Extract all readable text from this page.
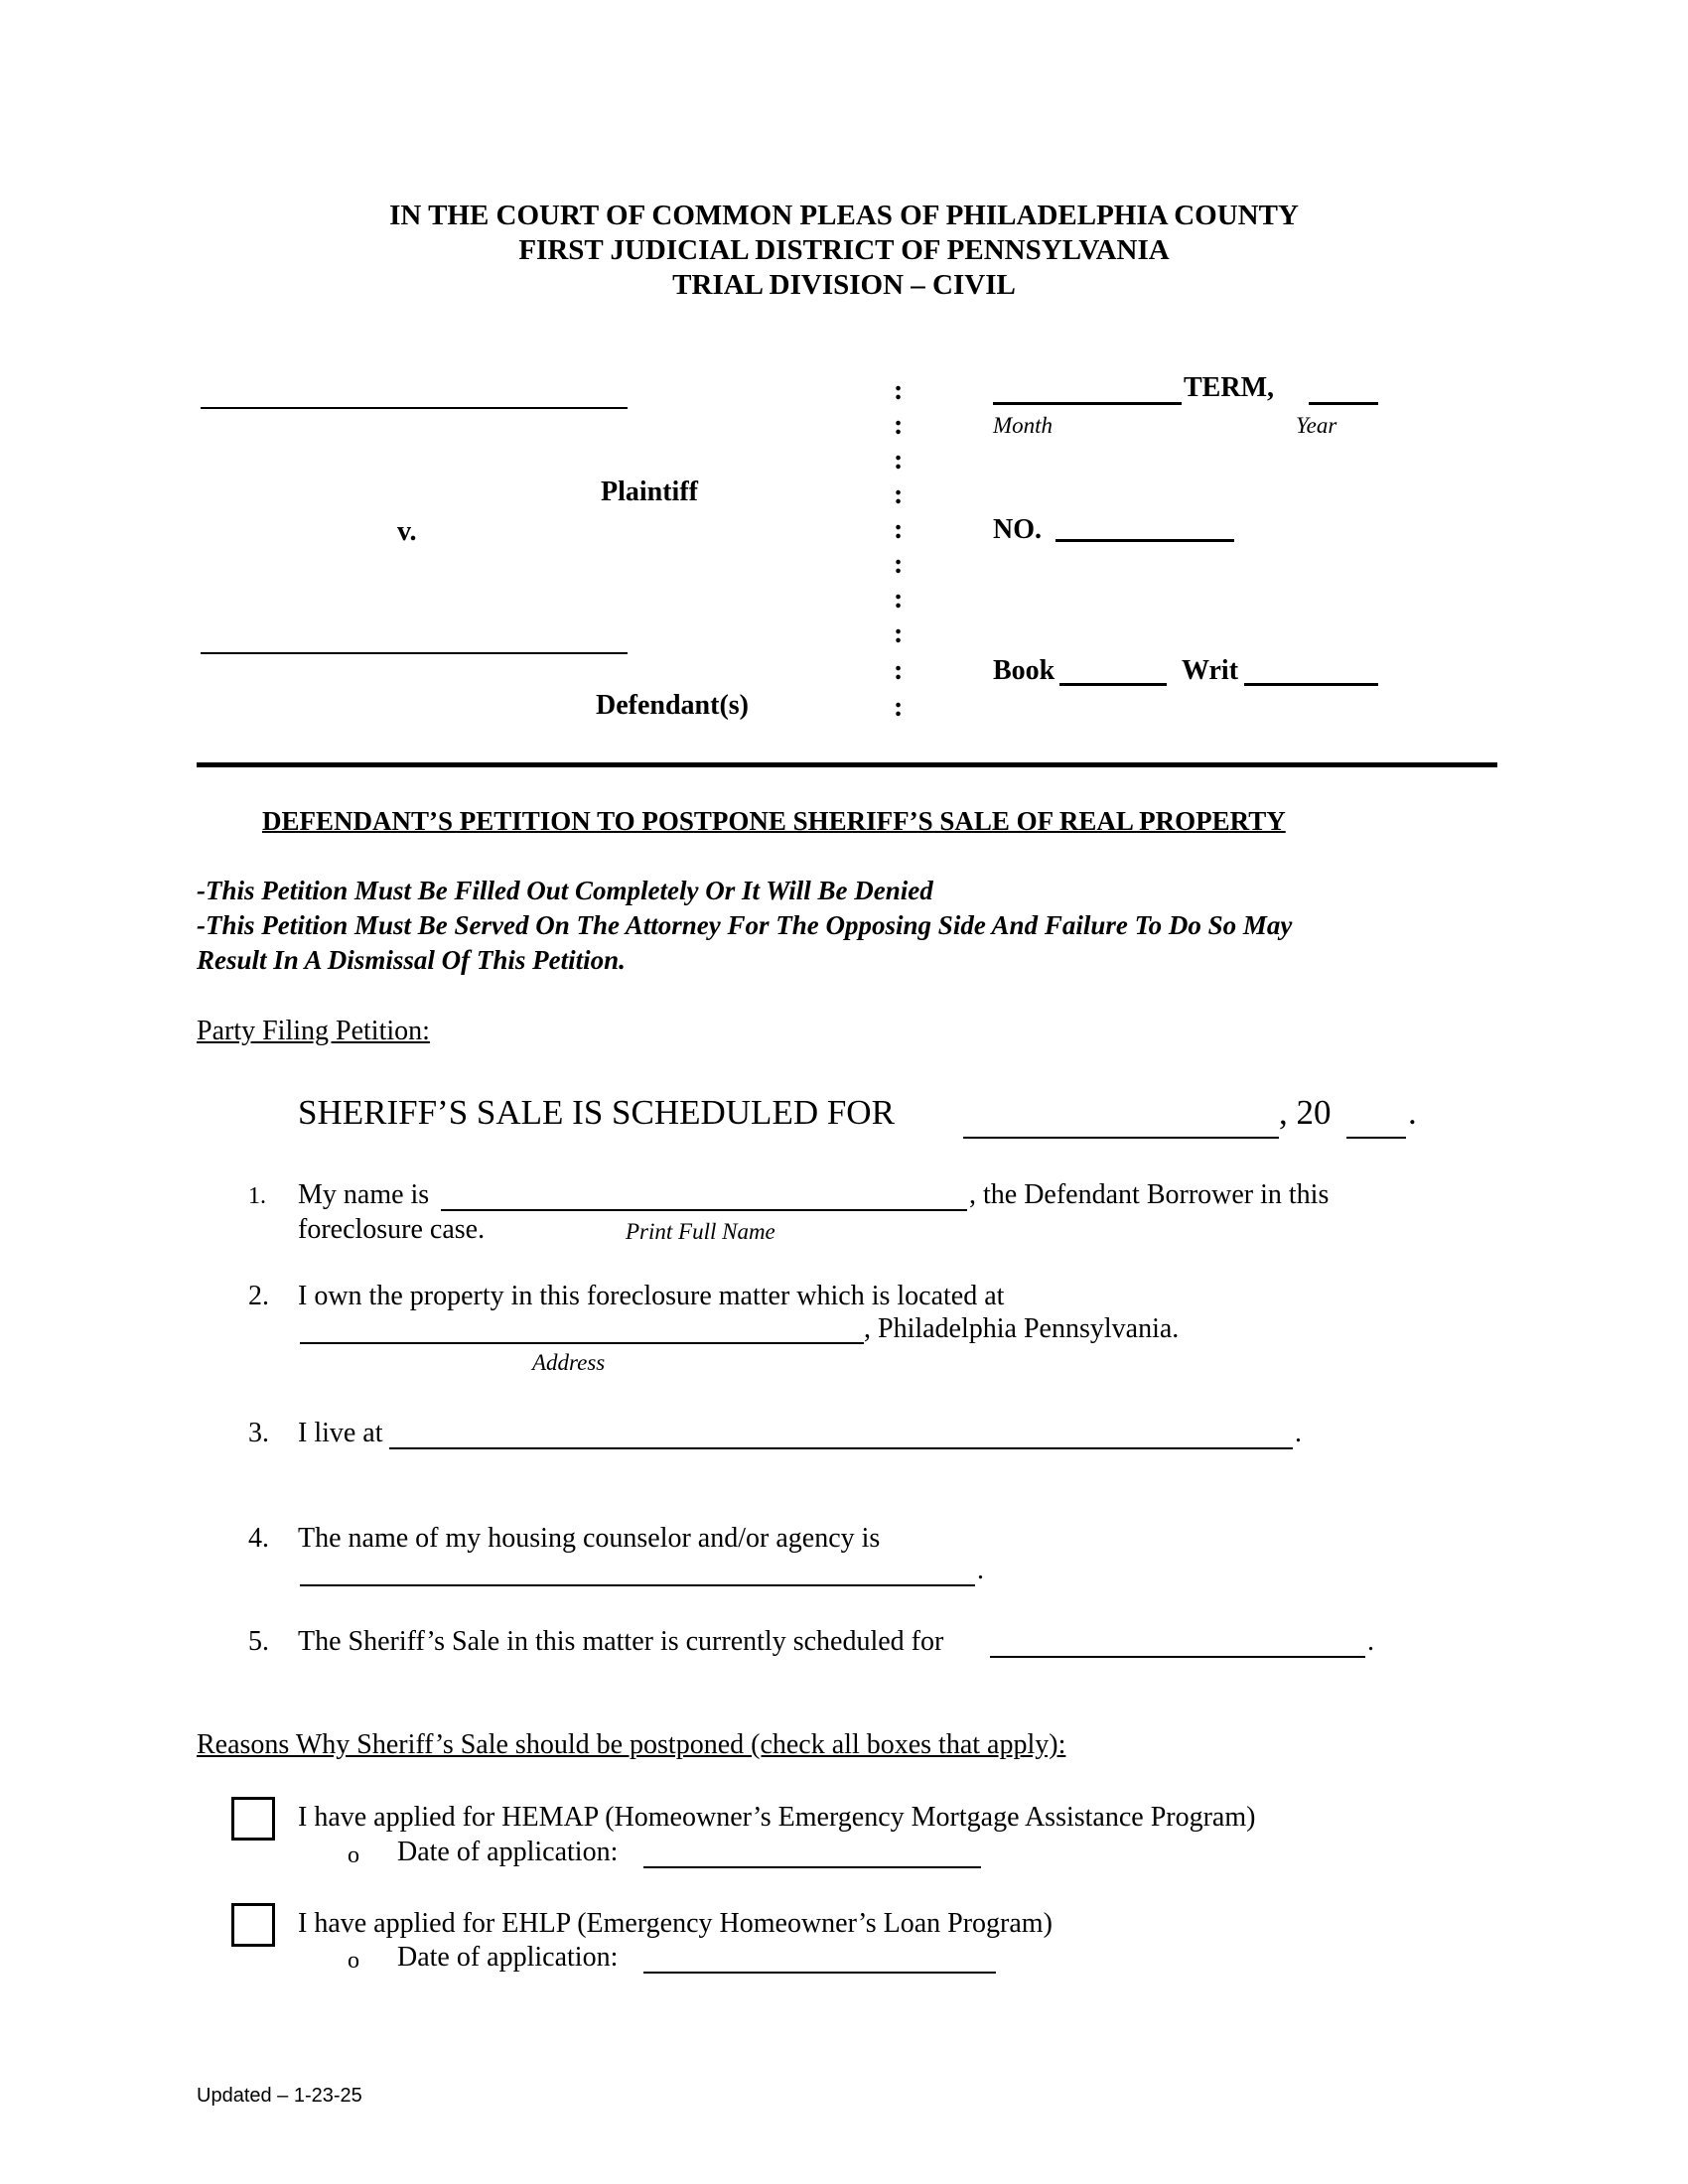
IN THE COURT OF COMMON PLEAS OF PHILADELPHIA COUNTY
FIRST JUDICIAL DISTRICT OF PENNSYLVANIA
TRIAL DIVISION – CIVIL
Plaintiff
v.
Defendant(s)
:
:
:
:
:
:
:
:
:
:
TERM,
Month	Year
NO.
Book	Writ
DEFENDANT’S PETITION TO POSTPONE SHERIFF’S SALE OF REAL PROPERTY
-This Petition Must Be Filled Out Completely Or It Will Be Denied
-This Petition Must Be Served On The Attorney For The Opposing Side And Failure To Do So May
Result In A Dismissal Of This Petition.
Party Filing Petition:
SHERIFF’S SALE IS SCHEDULED FOR	, 20 .
1. My name is	, the Defendant Borrower in this
foreclosure case.	Print Full Name
2. I own the property in this foreclosure matter which is located at
, Philadelphia Pennsylvania.
Address
3. I live at	.
4. The name of my housing counselor and/or agency is
.
5. The Sheriff’s Sale in this matter is currently scheduled for	.
Reasons Why Sheriff’s Sale should be postponed (check all boxes that apply):
I have applied for HEMAP (Homeowner’s Emergency Mortgage Assistance Program)
o Date of application:
I have applied for EHLP (Emergency Homeowner’s Loan Program)
o Date of application:
Updated – 1-23-25
